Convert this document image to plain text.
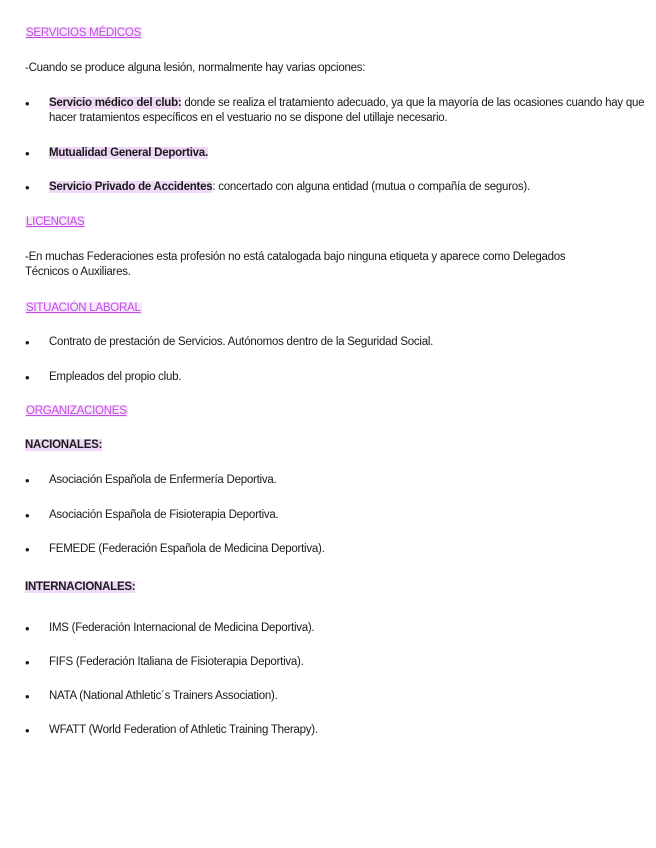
SERVICIOS MÉDICOS
-Cuando se produce alguna lesión, normalmente hay varias opciones:
•	Servicio médico del club: donde se realiza el tratamiento adecuado, ya que la mayoría de las ocasiones cuando hay que hacer tratamientos específicos en el vestuario no se dispone del utillaje necesario.
•	Mutualidad General Deportiva.
•	Servicio Privado de Accidentes: concertado con alguna entidad (mutua o compañía de seguros).
LICENCIAS
-En muchas Federaciones esta profesión no está catalogada bajo ninguna etiqueta y aparece como Delegados Técnicos o Auxiliares.
SITUACIÓN LABORAL
•	Contrato de prestación de Servicios. Autónomos dentro de la Seguridad Social.
•	Empleados del propio club.
ORGANIZACIONES
NACIONALES:
•	Asociación Española de Enfermería Deportiva.
•	Asociación Española de Fisioterapia Deportiva.
•	FEMEDE (Federación Española de Medicina Deportiva).
INTERNACIONALES:
•	IMS (Federación Internacional de Medicina Deportiva).
•	FIFS (Federación Italiana de Fisioterapia Deportiva).
•	NATA (National Athletic´s Trainers Association).
•	WFATT (World Federation of Athletic Training Therapy).
